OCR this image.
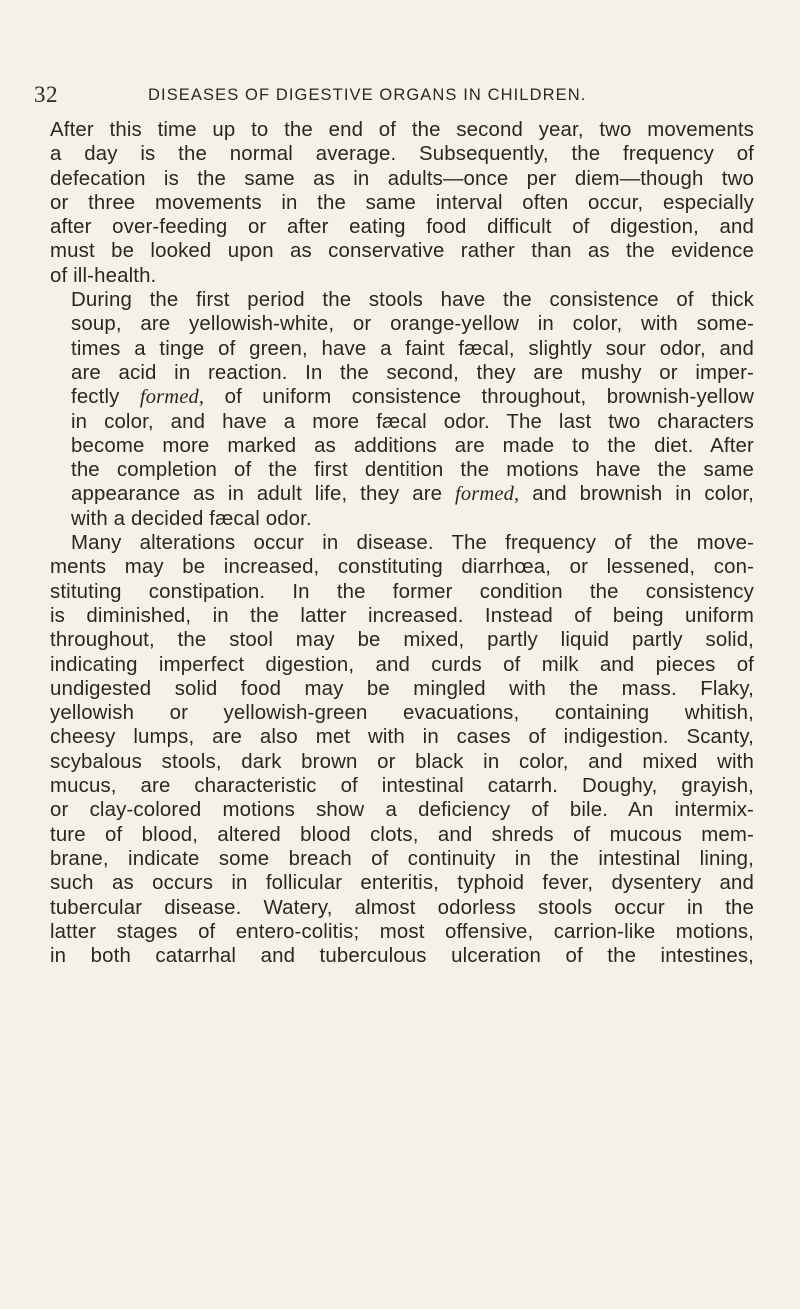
32	DISEASES OF DIGESTIVE ORGANS IN CHILDREN.

After this time up to the end of the second year, two movements
a day is the normal average. Subsequently, the frequency of
defecation is the same as in adults—once per diem—though two
or three movements in the same interval often occur, especially
after over-feeding or after eating food difficult of digestion, and
must be looked upon as conservative rather than as the evidence
of ill-health.

During the first period the stools have the consistence of thick
soup, are yellowish-white, or orange-yellow in color, with some-
times a tinge of green, have a faint fæcal, slightly sour odor, and
are acid in reaction. In the second, they are mushy or imper-
fectly formed, of uniform consistence throughout, brownish-yellow
in color, and have a more fæcal odor. The last two characters
become more marked as additions are made to the diet. After
the completion of the first dentition the motions have the same
appearance as in adult life, they are formed, and brownish in color,
with a decided fæcal odor.

Many alterations occur in disease. The frequency of the move-
ments may be increased, constituting diarrhœa, or lessened, con-
stituting constipation. In the former condition the consistency
is diminished, in the latter increased. Instead of being uniform
throughout, the stool may be mixed, partly liquid partly solid,
indicating imperfect digestion, and curds of milk and pieces of
undigested solid food may be mingled with the mass. Flaky,
yellowish or yellowish-green evacuations, containing whitish,
cheesy lumps, are also met with in cases of indigestion. Scanty,
scybalous stools, dark brown or black in color, and mixed with
mucus, are characteristic of intestinal catarrh. Doughy, grayish,
or clay-colored motions show a deficiency of bile. An intermix-
ture of blood, altered blood clots, and shreds of mucous mem-
brane, indicate some breach of continuity in the intestinal lining,
such as occurs in follicular enteritis, typhoid fever, dysentery and
tubercular disease. Watery, almost odorless stools occur in the
latter stages of entero-colitis; most offensive, carrion-like motions,
in both catarrhal and tuberculous ulceration of the intestines,
